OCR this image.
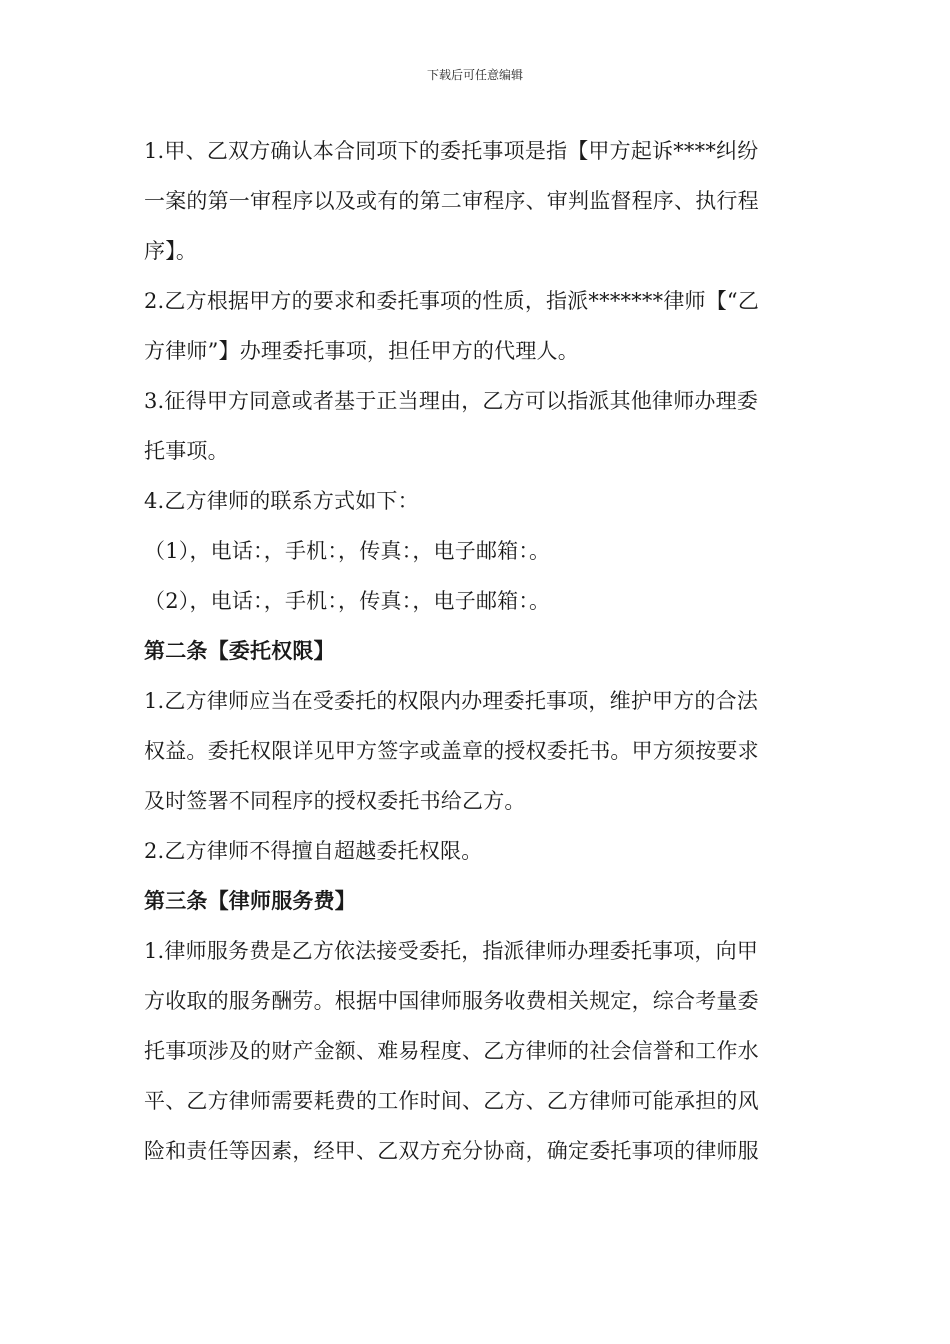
下载后可任意编辑
1.甲、乙双方确认本合同项下的委托事项是指【甲方起诉****纠纷
一案的第一审程序以及或有的第二审程序、审判监督程序、执行程
序】。
2.乙方根据甲方的要求和委托事项的性质，指派*******律师【“乙
方律师”】办理委托事项，担任甲方的代理人。
3.征得甲方同意或者基于正当理由，乙方可以指派其他律师办理委
托事项。
4.乙方律师的联系方式如下：
（1），电话：，手机：，传真：，电子邮箱：。
（2），电话：，手机：，传真：，电子邮箱：。
第二条【委托权限】
1.乙方律师应当在受委托的权限内办理委托事项，维护甲方的合法
权益。委托权限详见甲方签字或盖章的授权委托书。甲方须按要求
及时签署不同程序的授权委托书给乙方。
2.乙方律师不得擅自超越委托权限。
第三条【律师服务费】
1.律师服务费是乙方依法接受委托，指派律师办理委托事项，向甲
方收取的服务酬劳。根据中国律师服务收费相关规定，综合考量委
托事项涉及的财产金额、难易程度、乙方律师的社会信誉和工作水
平、乙方律师需要耗费的工作时间、乙方、乙方律师可能承担的风
险和责任等因素，经甲、乙双方充分协商，确定委托事项的律师服
